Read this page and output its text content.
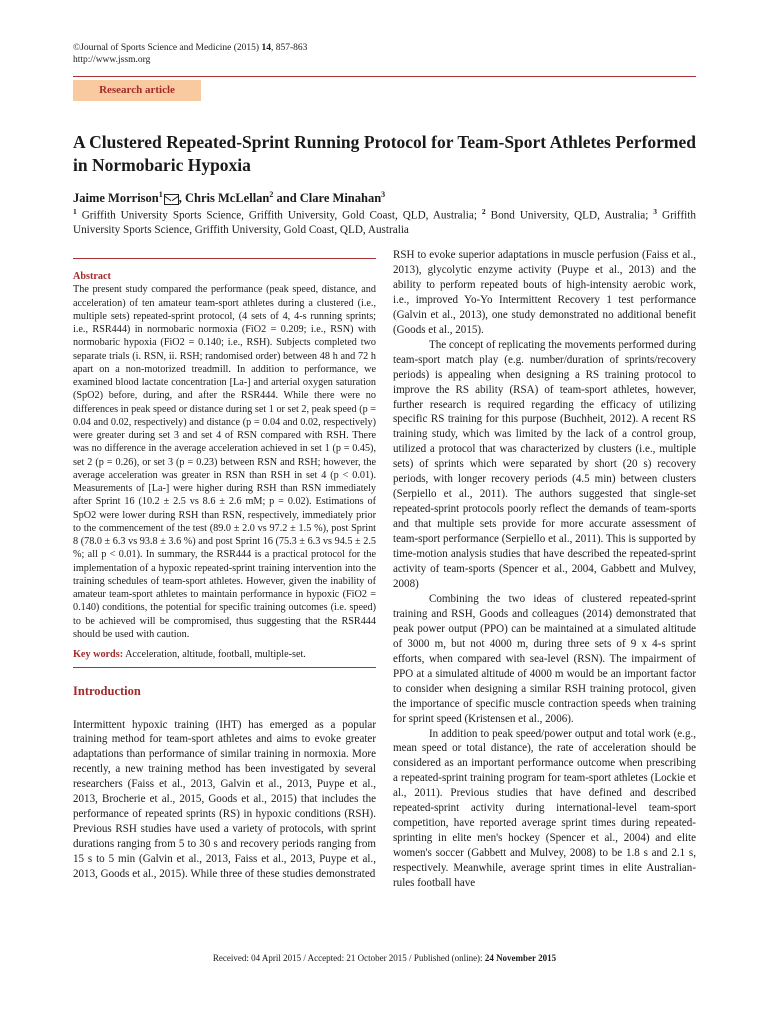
©Journal of Sports Science and Medicine (2015) 14, 857-863
http://www.jssm.org
Research article
A Clustered Repeated-Sprint Running Protocol for Team-Sport Athletes Performed in Normobaric Hypoxia
Jaime Morrison$^1$ , Chris McLellan$^2$ and Clare Minahan$^3$
$^1$ Griffith University Sports Science, Griffith University, Gold Coast, QLD, Australia; $^2$ Bond University, QLD, Australia; $^3$ Griffith University Sports Science, Griffith University, Gold Coast, QLD, Australia
Abstract
The present study compared the performance (peak speed, distance, and acceleration) of ten amateur team-sport athletes during a clustered (i.e., multiple sets) repeated-sprint protocol, (4 sets of 4, 4-s running sprints; i.e., RSR444) in normobaric normoxia (FiO2 = 0.209; i.e., RSN) with normobaric hypoxia (FiO2 = 0.140; i.e., RSH). Subjects completed two separate trials (i. RSN, ii. RSH; randomised order) between 48 h and 72 h apart on a non-motorized treadmill. In addition to performance, we examined blood lactate concentration [La-] and arterial oxygen saturation (SpO2) before, during, and after the RSR444. While there were no differences in peak speed or distance during set 1 or set 2, peak speed (p = 0.04 and 0.02, respectively) and distance (p = 0.04 and 0.02, respectively) were greater during set 3 and set 4 of RSN compared with RSH. There was no difference in the average acceleration achieved in set 1 (p = 0.45), set 2 (p = 0.26), or set 3 (p = 0.23) between RSN and RSH; however, the average acceleration was greater in RSN than RSH in set 4 (p < 0.01). Measurements of [La-] were higher during RSH than RSN immediately after Sprint 16 (10.2 ± 2.5 vs 8.6 ± 2.6 mM; p = 0.02). Estimations of SpO2 were lower during RSH than RSN, respectively, immediately prior to the commencement of the test (89.0 ± 2.0 vs 97.2 ± 1.5 %), post Sprint 8 (78.0 ± 6.3 vs 93.8 ± 3.6 %) and post Sprint 16 (75.3 ± 6.3 vs 94.5 ± 2.5 %; all p < 0.01). In summary, the RSR444 is a practical protocol for the implementation of a hypoxic repeated-sprint training intervention into the training schedules of team-sport athletes. However, given the inability of amateur team-sport athletes to maintain performance in hypoxic (FiO2 = 0.140) conditions, the potential for specific training outcomes (i.e. speed) to be achieved will be compromised, thus suggesting that the RSR444 should be used with caution.
Key words: Acceleration, altitude, football, multiple-set.
Introduction
Intermittent hypoxic training (IHT) has emerged as a popular training method for team-sport athletes and aims to evoke greater adaptations than performance of similar training in normoxia. More recently, a new training method has been investigated by several researchers (Faiss et al., 2013, Galvin et al., 2013, Puype et al., 2013, Brocherie et al., 2015, Goods et al., 2015) that includes the performance of repeated sprints (RS) in hypoxic conditions (RSH). Previous RSH studies have used a variety of protocols, with sprint durations ranging from 5 to 30 s and recovery periods ranging from 15 s to 5 min (Galvin et al., 2013, Faiss et al., 2013, Puype et al., 2013, Goods et al., 2015). While three of these studies demonstrated

RSH to evoke superior adaptations in muscle perfusion (Faiss et al., 2013), glycolytic enzyme activity (Puype et al., 2013) and the ability to perform repeated bouts of high-intensity aerobic work, i.e., improved Yo-Yo Intermittent Recovery 1 test performance (Galvin et al., 2013), one study demonstrated no additional benefit (Goods et al., 2015).

The concept of replicating the movements performed during team-sport match play (e.g. number/duration of sprints/recovery periods) is appealing when designing a RS training protocol to improve the RS ability (RSA) of team-sport athletes, however, further research is required regarding the efficacy of utilizing specific RS training for this purpose (Buchheit, 2012). A recent RS training study, which was limited by the lack of a control group, utilized a protocol that was characterized by clusters (i.e., multiple sets) of sprints which were separated by short (20 s) recovery periods, with longer recovery periods (4.5 min) between clusters (Serpiello et al., 2011). The authors suggested that single-set repeated-sprint protocols poorly reflect the demands of team-sports and that multiple sets provide for more accurate assessment of team-sport performance (Serpiello et al., 2011). This is supported by time-motion analysis studies that have described the repeated-sprint activity of team-sports (Spencer et al., 2004, Gabbett and Mulvey, 2008)

Combining the two ideas of clustered repeated-sprint training and RSH, Goods and colleagues (2014) demonstrated that peak power output (PPO) can be maintained at a simulated altitude of 3000 m, but not 4000 m, during three sets of 9 x 4-s sprint efforts, when compared with sea-level (RSN). The impairment of PPO at a simulated altitude of 4000 m would be an important factor to consider when designing a similar RSH training protocol, given the importance of specific muscle contraction speeds when training for sprint speed (Kristensen et al., 2006).

In addition to peak speed/power output and total work (e.g., mean speed or total distance), the rate of acceleration should be considered as an important performance outcome when prescribing a repeated-sprint training program for team-sport athletes (Lockie et al., 2011). Previous studies that have defined and described repeated-sprint activity during international-level team-sport competition, have reported average sprint times during repeated-sprinting in elite men's hockey (Spencer et al., 2004) and elite women's soccer (Gabbett and Mulvey, 2008) to be 1.8 s and 2.1 s, respectively. Meanwhile, average sprint times in elite Australian-rules football have

Received: 04 April 2015 / Accepted: 21 October 2015 / Published (online): 24 November 2015
